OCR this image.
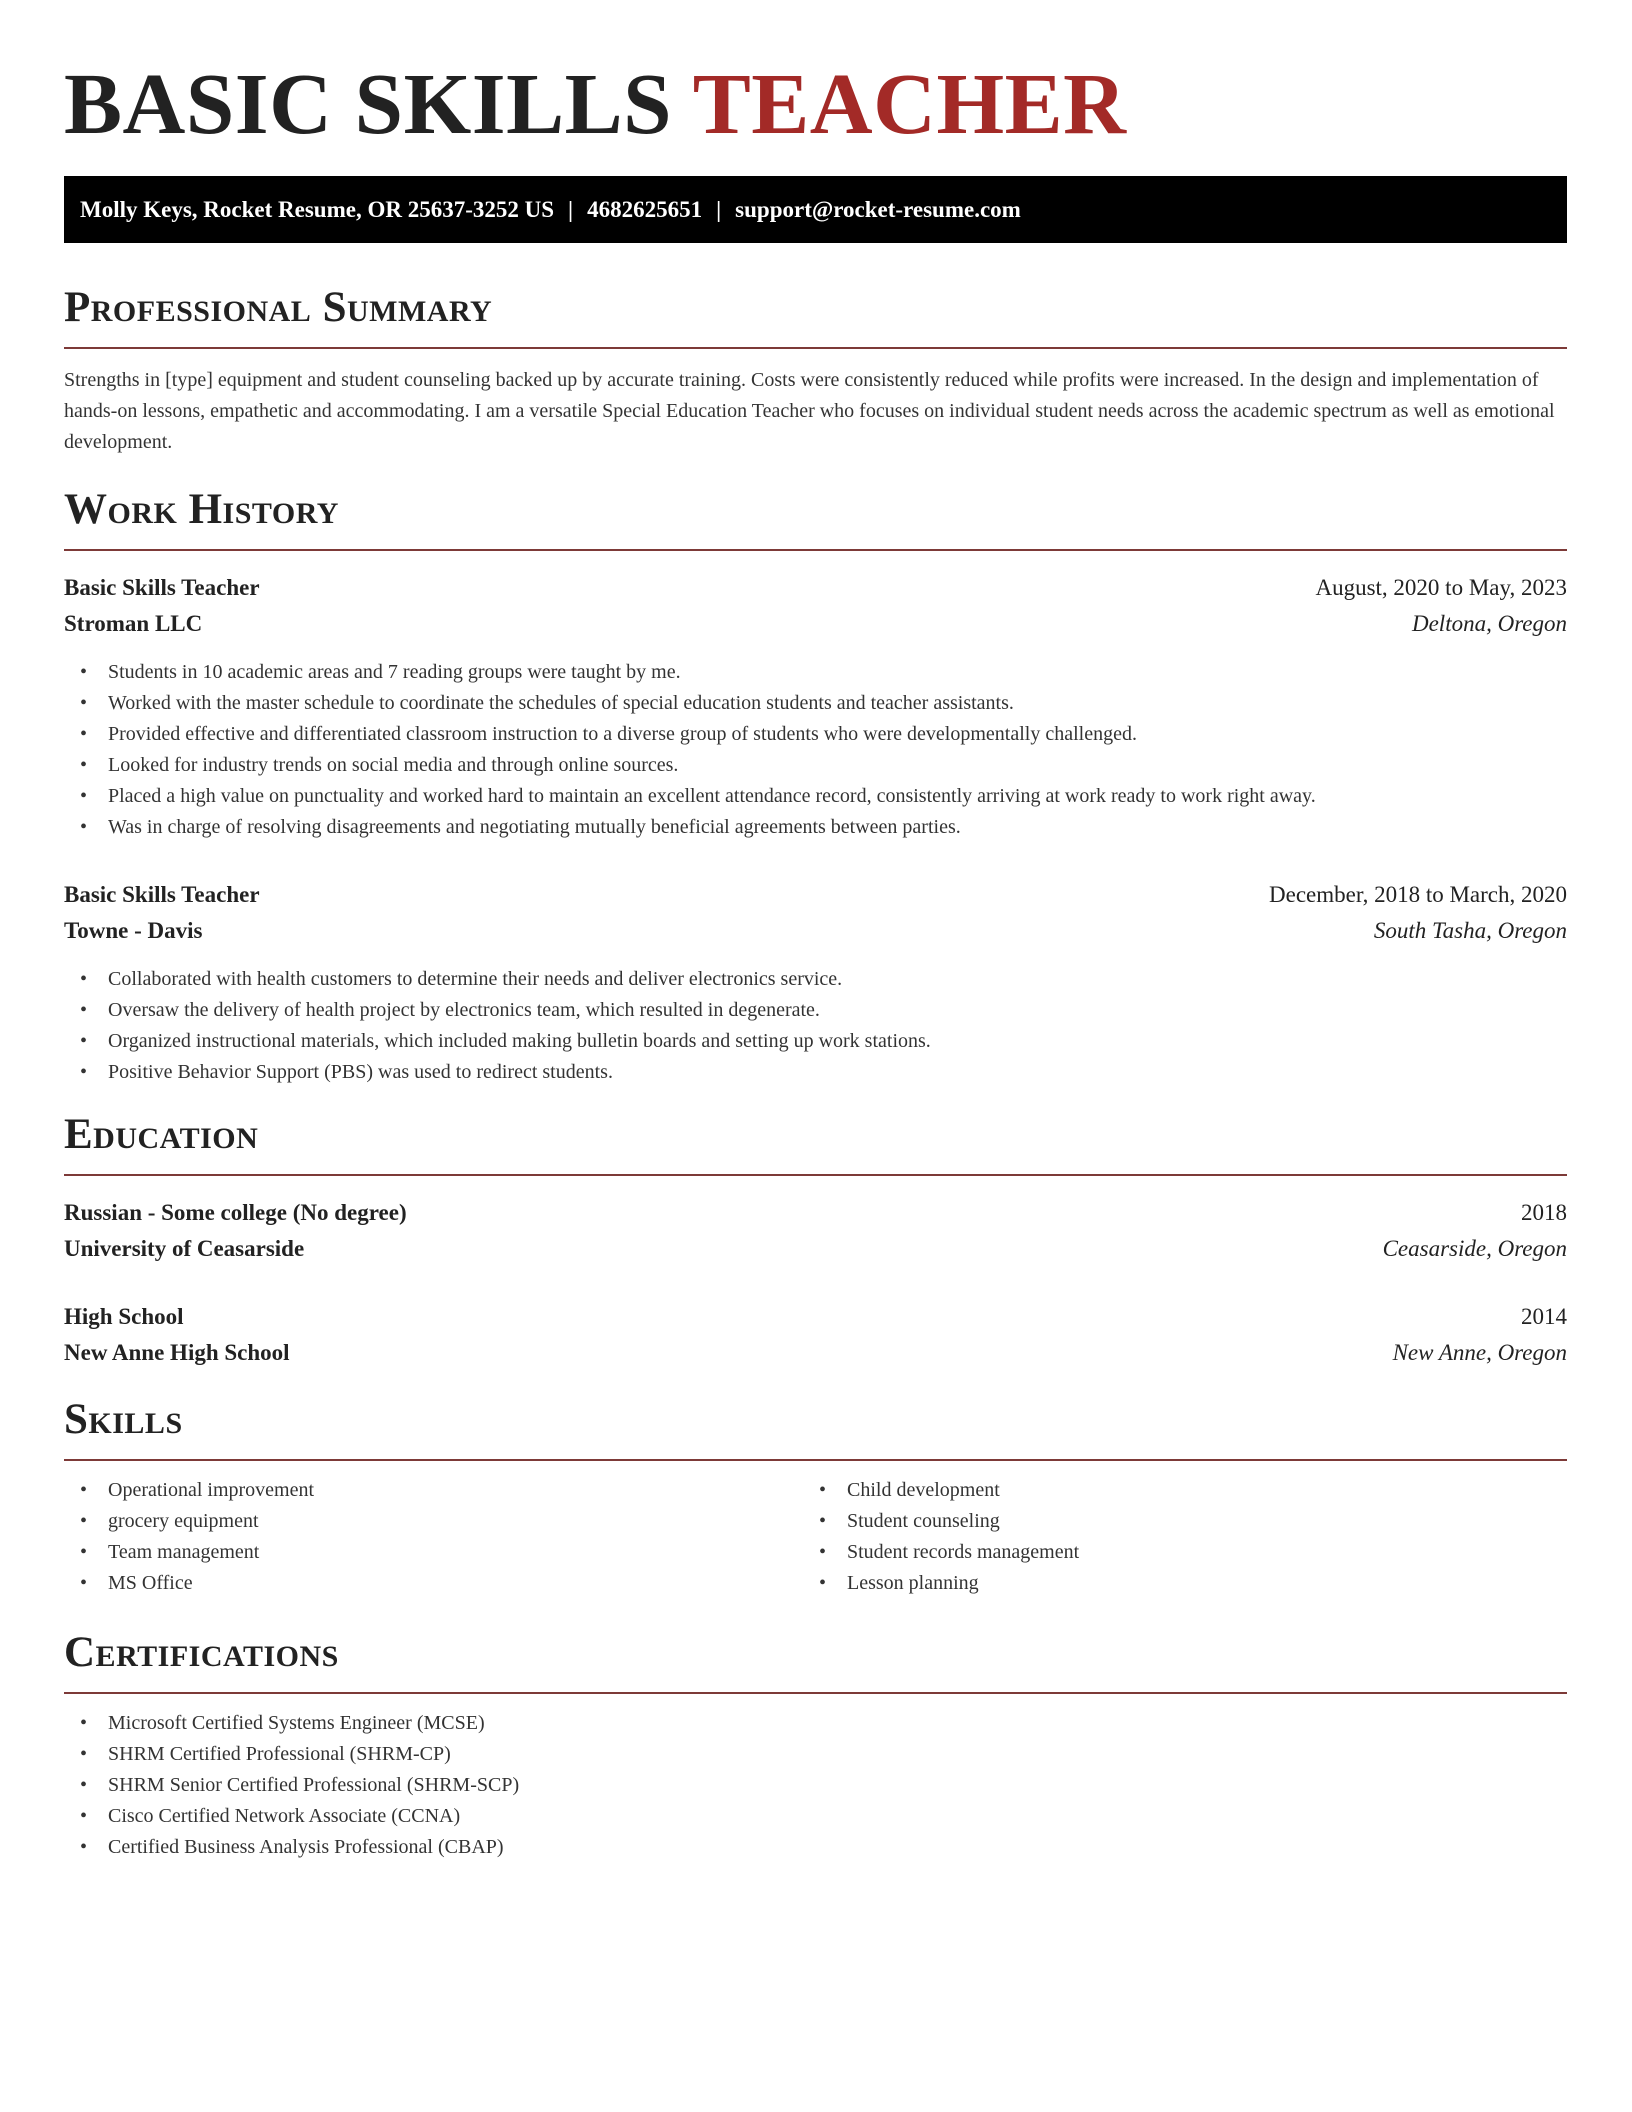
BASIC SKILLS TEACHER
Molly Keys, Rocket Resume, OR 25637-3252 US | 4682625651 | support@rocket-resume.com
Professional Summary

Strengths in [type] equipment and student counseling backed up by accurate training. Costs were consistently reduced while profits were increased. In the design and implementation of hands-on lessons, empathetic and accommodating. I am a versatile Special Education Teacher who focuses on individual student needs across the academic spectrum as well as emotional development.

Work History
Basic Skills Teacher	August, 2020 to May, 2023
Stroman LLC	Deltona, Oregon
• Students in 10 academic areas and 7 reading groups were taught by me.
• Worked with the master schedule to coordinate the schedules of special education students and teacher assistants.
• Provided effective and differentiated classroom instruction to a diverse group of students who were developmentally challenged.
• Looked for industry trends on social media and through online sources.
• Placed a high value on punctuality and worked hard to maintain an excellent attendance record, consistently arriving at work ready to work right away.
• Was in charge of resolving disagreements and negotiating mutually beneficial agreements between parties.
Basic Skills Teacher	December, 2018 to March, 2020
Towne - Davis	South Tasha, Oregon
• Collaborated with health customers to determine their needs and deliver electronics service.
• Oversaw the delivery of health project by electronics team, which resulted in degenerate.
• Organized instructional materials, which included making bulletin boards and setting up work stations.
• Positive Behavior Support (PBS) was used to redirect students.
Education
Russian - Some college (No degree)	2018
University of Ceasarside	Ceasarside, Oregon
High School	2014
New Anne High School	New Anne, Oregon
Skills
• Operational improvement
• grocery equipment
• Team management
• MS Office
• Child development
• Student counseling
• Student records management
• Lesson planning
Certifications
• Microsoft Certified Systems Engineer (MCSE)
• SHRM Certified Professional (SHRM-CP)
• SHRM Senior Certified Professional (SHRM-SCP)
• Cisco Certified Network Associate (CCNA)
• Certified Business Analysis Professional (CBAP)
